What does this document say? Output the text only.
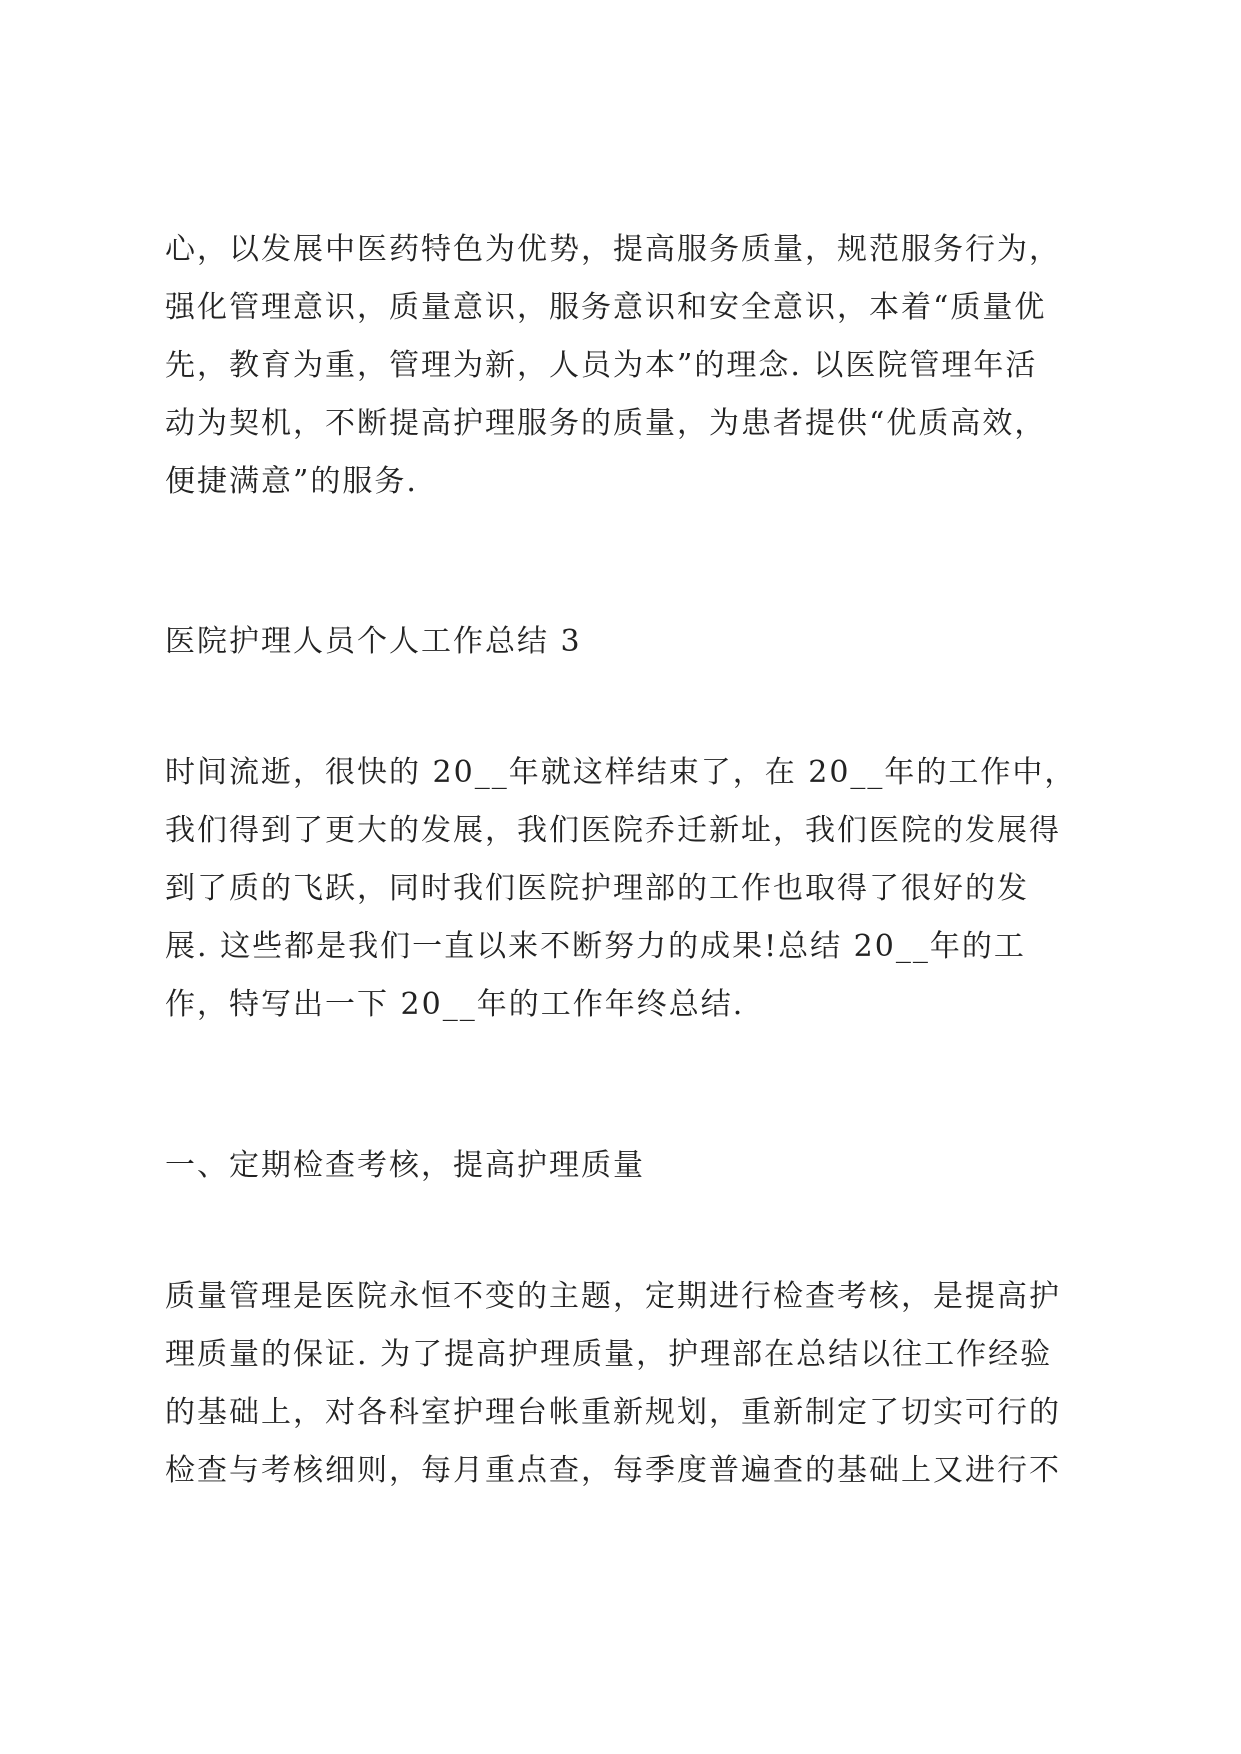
心，以发展中医药特色为优势，提高服务质量，规范服务行为，
强化管理意识，质量意识，服务意识和安全意识，本着“质量优
先，教育为重，管理为新，人员为本”的理念. 以医院管理年活
动为契机，不断提高护理服务的质量，为患者提供“优质高效，
便捷满意”的服务.
医院护理人员个人工作总结 3
时间流逝，很快的 20__年就这样结束了，在 20__年的工作中，
我们得到了更大的发展，我们医院乔迁新址，我们医院的发展得
到了质的飞跃，同时我们医院护理部的工作也取得了很好的发
展. 这些都是我们一直以来不断努力的成果!总结 20__年的工
作，特写出一下 20__年的工作年终总结.
一、定期检查考核，提高护理质量
质量管理是医院永恒不变的主题，定期进行检查考核，是提高护
理质量的保证. 为了提高护理质量，护理部在总结以往工作经验
的基础上，对各科室护理台帐重新规划，重新制定了切实可行的
检查与考核细则，每月重点查，每季度普遍查的基础上又进行不
